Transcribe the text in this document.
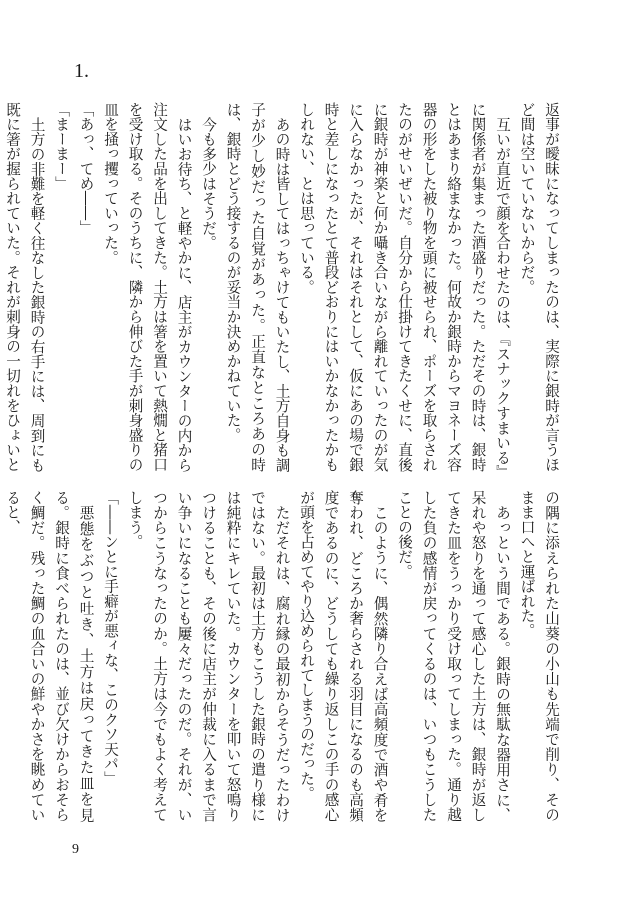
1.

返事が曖昧になってしまったのは、実際に銀時が言うほど間は空いていないからだ。

互いが直近で顔を合わせたのは、『スナックすまいる』に関係者が集まった酒盛りだった。ただその時は、銀時とはあまり絡まなかった。何故か銀時からマヨネーズ容器の形をした被り物を頭に被せられ、ポーズを取らされたのがせいぜいだ。自分から仕掛けてきたくせに、直後に銀時が神楽と何か囁き合いながら離れていったのが気に入らなかったが、それはそれとして、仮にあの場で銀時と差しになったとて普段どおりにはいかなかったかもしれない、とは思っている。

あの時は皆してはっちゃけてもいたし、土方自身も調子が少し妙だった自覚があった。正直なところあの時は、銀時とどう接するのが妥当か決めかねていた。

今も多少はそうだ。

はいお待ち、と軽やかに、店主がカウンターの内から注文した品を出してきた。土方は箸を置いて熱燗と猪口を受け取る。そのうちに、隣から伸びた手が刺身盛りの皿を掻っ攫っていった。

「あっ、てめ――」

「まーまー」

土方の非難を軽く往なした銀時の右手には、周到にも既に箸が握られていた。それが刺身の一切れをひょいと

の隅に添えられた山葵の小山も先端で削り、そのまま口へと運ばれた。

あっという間である。銀時の無駄な器用さに、呆れや怒りを通って感心した土方は、銀時が返してきた皿をうっかり受け取ってしまった。通り越した負の感情が戻ってくるのは、いつもこうしたことの後だ。

このように、偶然隣り合えば高頻度で酒や肴を奪われ、どころか奢らされる羽目になるのも高頻度であるのに、どうしても繰り返しこの手の感心が頭を占めてやり込められてしまうのだった。

ただそれは、腐れ縁の最初からそうだったわけではない。最初は土方もこうした銀時の遣り様には純粋にキレていた。カウンターを叩いて怒鳴りつけることも、その後に店主が仲裁に入るまで言い争いになることも屢々だったのだ。それが、いつからこうなったのか。土方は今でもよく考えてしまう。

「――ンとに手癖が悪ィな、このクソ天パ」

悪態をぶつと吐き、土方は戻ってきた皿を見る。銀時に食べられたのは、並び欠けからおそらく鯛だ。残った鯛の血合いの鮮やかさを眺めていると、

9
